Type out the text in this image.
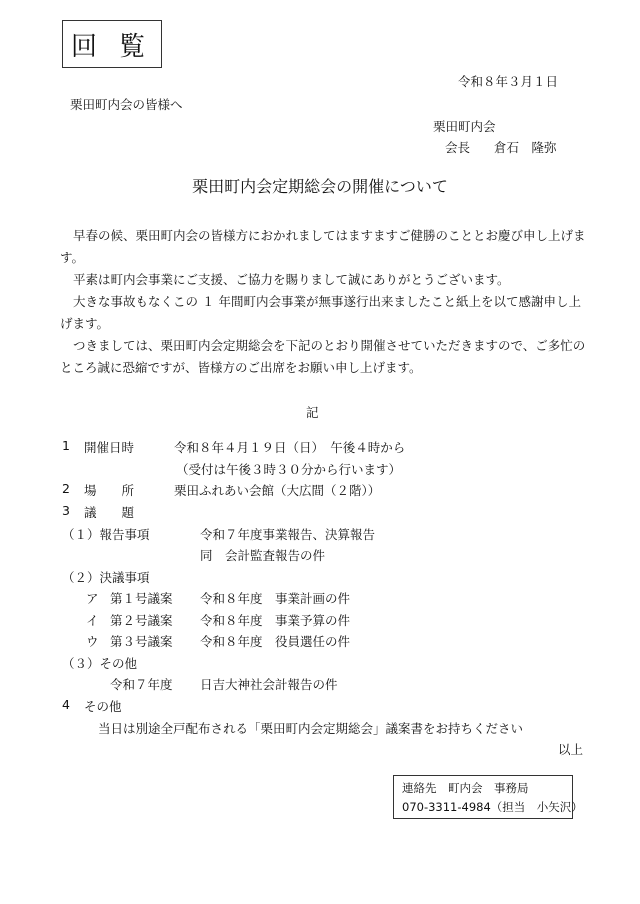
回 覧
令和８年３月１日
栗田町内会の皆様へ
栗田町内会
会長 倉石　隆弥
栗田町内会定期総会の開催について

早春の候、栗田町内会の皆様方におかれましてはますますご健勝のこととお慶び申し上げます。

平素は町内会事業にご支援、ご協力を賜りまして誠にありがとうございます。

大きな事故もなくこの １ 年間町内会事業が無事遂行出来ましたこと紙上を以て感謝申し上げます。

つきましては、栗田町内会定期総会を下記のとおり開催させていただきますので、ご多忙のところ誠に恐縮ですが、皆様方のご出席をお願い申し上げます。

記
1 開催日時	令和８年４月１９日（日）　午後４時から
（受付は午後３時３０分から行います）
2 場　　所	栗田ふれあい会館（大広間（２階））
3 議　　題
（１）報告事項	令和７年度事業報告、決算報告
同　会計監査報告の件
（２）決議事項
ア 第１号議案 令和８年度　事業計画の件
イ 第２号議案 令和８年度　事業予算の件
ウ 第３号議案 令和８年度　役員選任の件
（３）その他
令和７年度 日吉大神社会計報告の件
4 その他
当日は別途全戸配布される「栗田町内会定期総会」議案書をお持ちください
以上
連絡先　町内会　事務局
070-3311-4984（担当　小矢沢）
